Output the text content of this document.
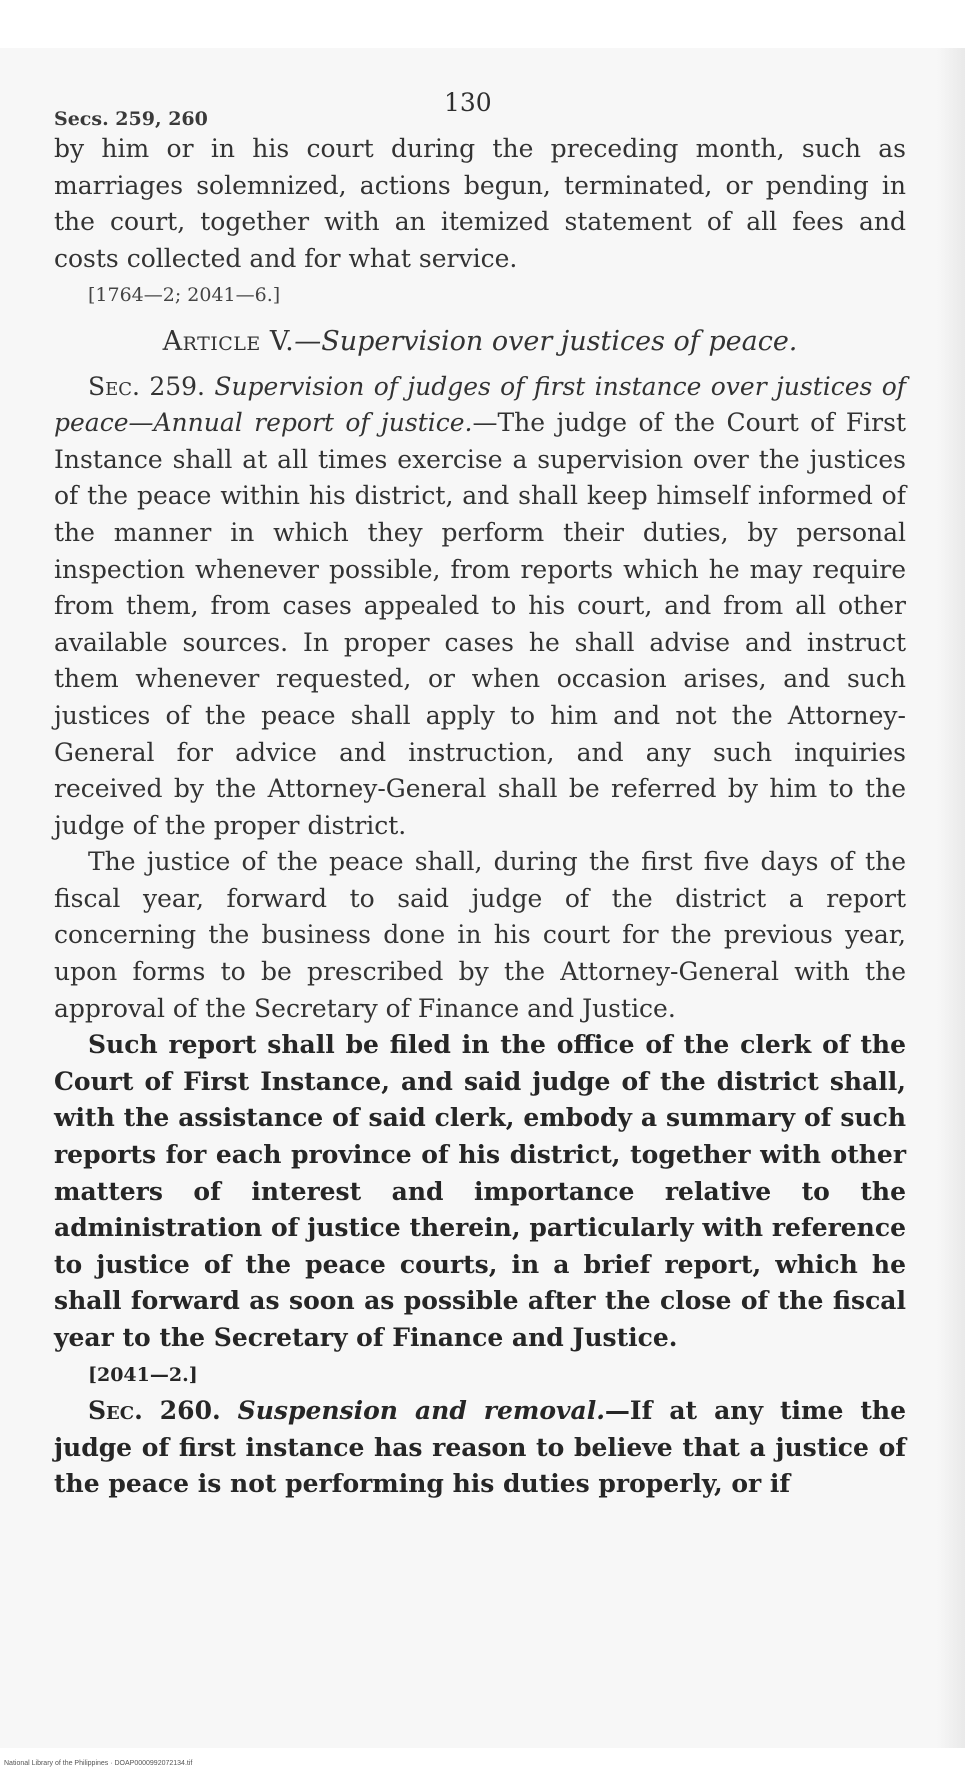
Secs. 259, 260
130

by him or in his court during the preceding month, such as marriages solemnized, actions begun, terminated, or pending in the court, together with an itemized statement of all fees and costs collected and for what service.

[1764—2; 2041—6.]

Article V.—Supervision over justices of peace.

Sec. 259. Supervision of judges of first instance over justices of peace—Annual report of justice.—The judge of the Court of First Instance shall at all times exercise a supervision over the justices of the peace within his district, and shall keep himself informed of the manner in which they perform their duties, by personal inspection whenever possible, from reports which he may require from them, from cases appealed to his court, and from all other available sources. In proper cases he shall advise and instruct them whenever requested, or when occasion arises, and such justices of the peace shall apply to him and not the Attorney-General for advice and instruction, and any such inquiries received by the Attorney-General shall be referred by him to the judge of the proper district.

The justice of the peace shall, during the first five days of the fiscal year, forward to said judge of the district a report concerning the business done in his court for the previous year, upon forms to be prescribed by the Attorney-General with the approval of the Secretary of Finance and Justice.

Such report shall be filed in the office of the clerk of the Court of First Instance, and said judge of the district shall, with the assistance of said clerk, embody a summary of such reports for each province of his district, together with other matters of interest and importance relative to the administration of justice therein, particularly with reference to justice of the peace courts, in a brief report, which he shall forward as soon as possible after the close of the fiscal year to the Secretary of Finance and Justice.

[2041—2.]

Sec. 260. Suspension and removal.—If at any time the judge of first instance has reason to believe that a justice of the peace is not performing his duties properly, or if

National Library of the Philippines · DOAP0000992072134.tif
